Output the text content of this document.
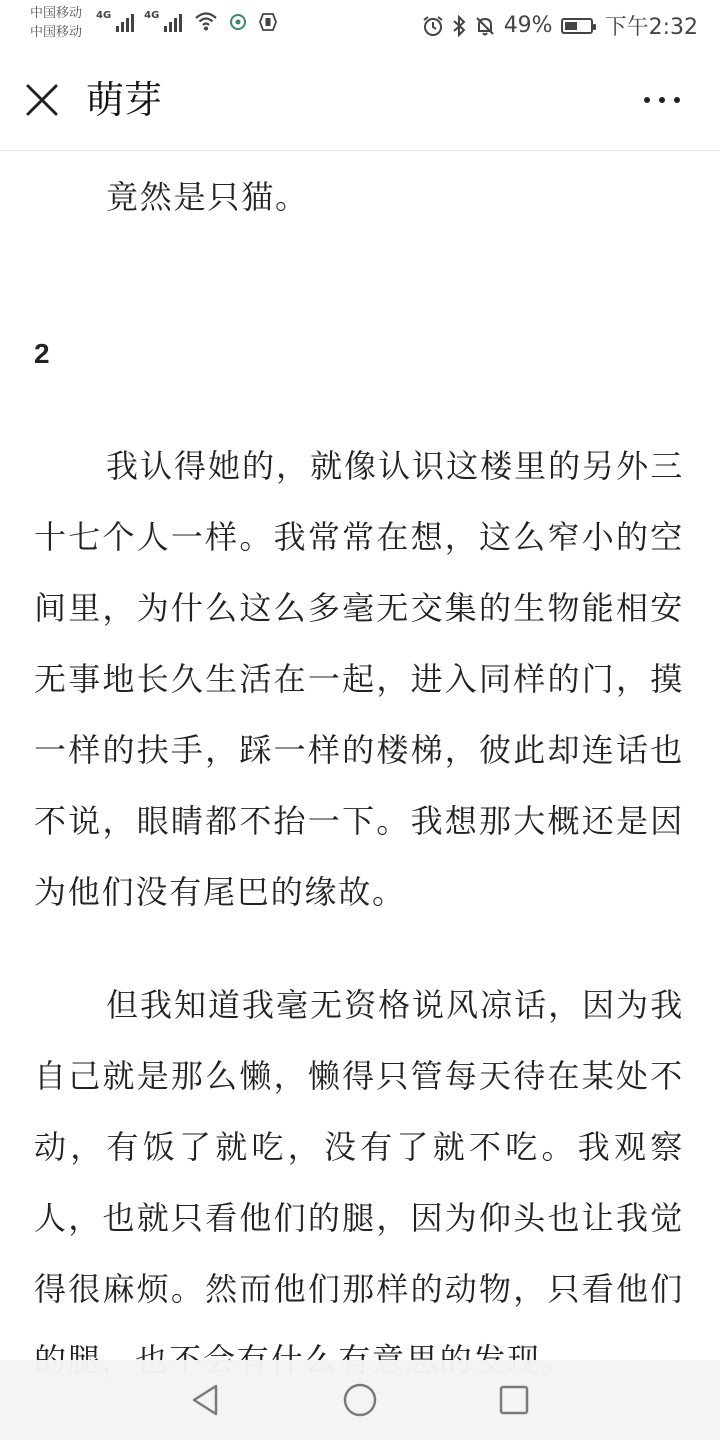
中国移动
中国移动
4G	4G	49% 下午2:32
萌芽

竟然是只猫。

2

我认得她的，就像认识这楼里的另外三十七个人一样。我常常在想，这么窄小的空间里，为什么这么多毫无交集的生物能相安无事地长久生活在一起，进入同样的门，摸一样的扶手，踩一样的楼梯，彼此却连话也不说，眼睛都不抬一下。我想那大概还是因为他们没有尾巴的缘故。

但我知道我毫无资格说风凉话，因为我自己就是那么懒，懒得只管每天待在某处不动，有饭了就吃，没有了就不吃。我观察人，也就只看他们的腿，因为仰头也让我觉得很麻烦。然而他们那样的动物，只看他们
